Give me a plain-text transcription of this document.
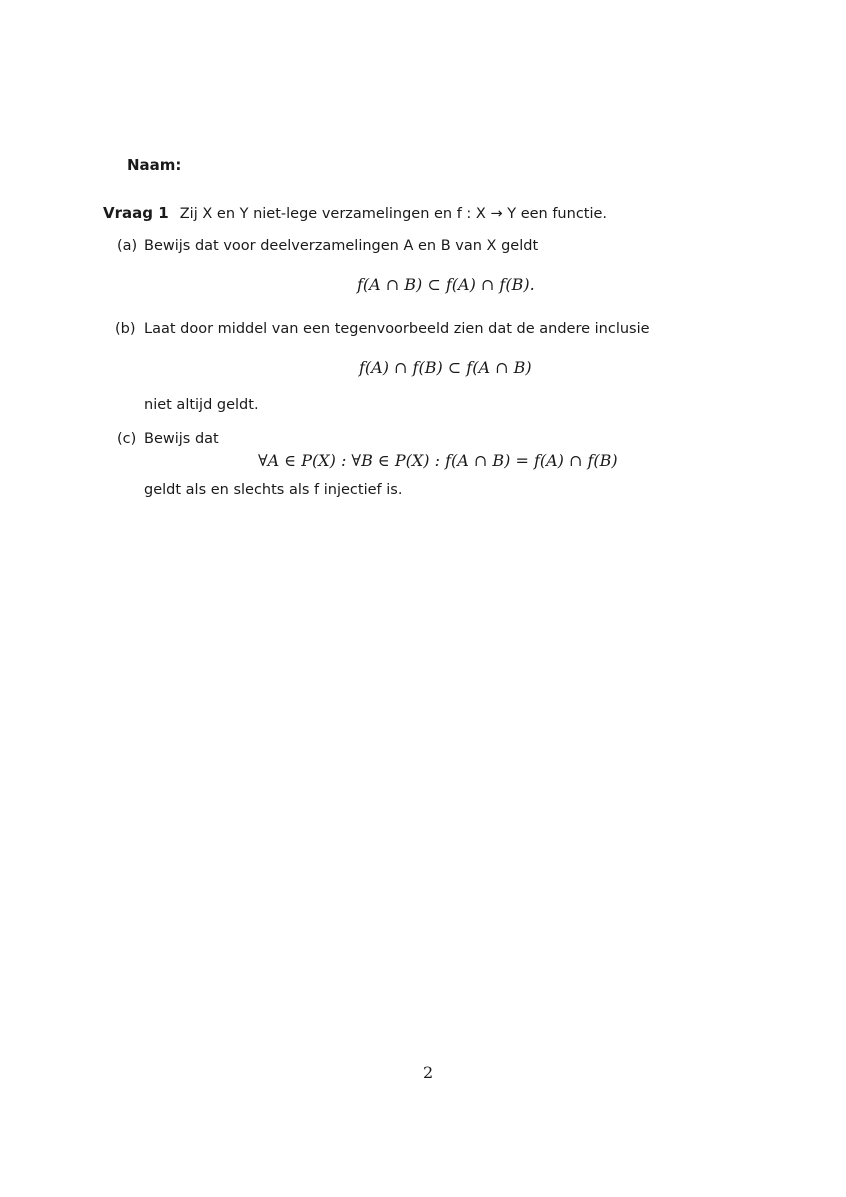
Naam:
Vraag 1 Zij X en Y niet-lege verzamelingen en f : X → Y een functie.
(a) Bewijs dat voor deelverzamelingen A en B van X geldt
f(A ∩ B) ⊂ f(A) ∩ f(B).
(b) Laat door middel van een tegenvoorbeeld zien dat de andere inclusie
f(A) ∩ f(B) ⊂ f(A ∩ B)
niet altijd geldt.
(c) Bewijs dat
∀A ∈ P(X) : ∀B ∈ P(X) : f(A ∩ B) = f(A) ∩ f(B)
geldt als en slechts als f injectief is.
2
